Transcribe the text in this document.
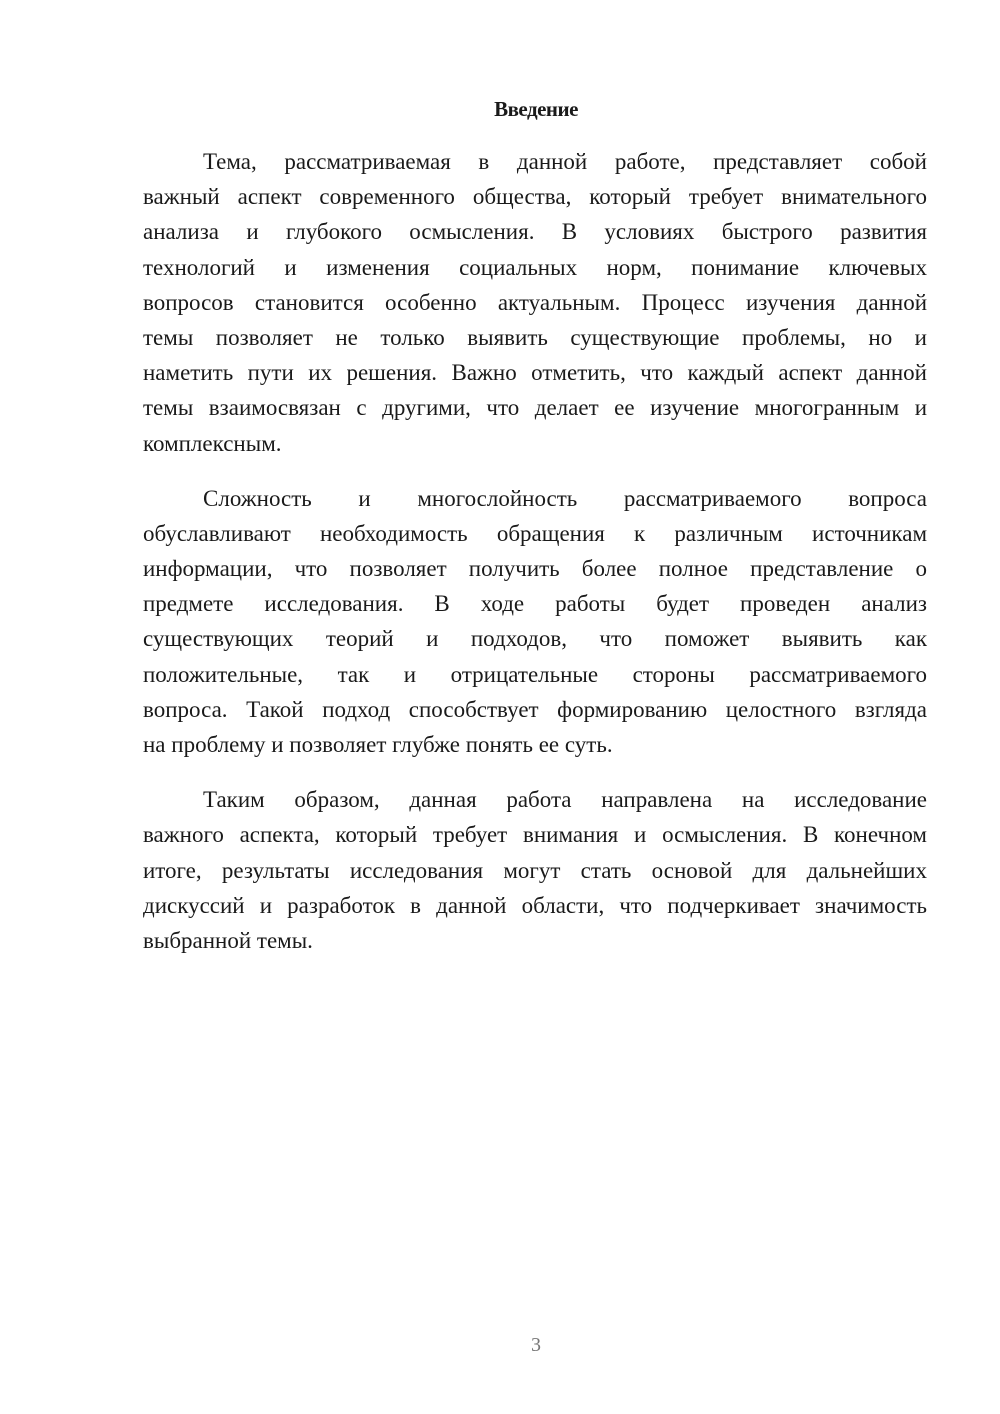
Введение
Тема, рассматриваемая в данной работе, представляет собой
важный аспект современного общества, который требует внимательного
анализа и глубокого осмысления. В условиях быстрого развития
технологий и изменения социальных норм, понимание ключевых
вопросов становится особенно актуальным. Процесс изучения данной
темы позволяет не только выявить существующие проблемы, но и
наметить пути их решения. Важно отметить, что каждый аспект данной
темы взаимосвязан с другими, что делает ее изучение многогранным и
комплексным.
Сложность и многослойность рассматриваемого вопроса
обуславливают необходимость обращения к различным источникам
информации, что позволяет получить более полное представление о
предмете исследования. В ходе работы будет проведен анализ
существующих теорий и подходов, что поможет выявить как
положительные, так и отрицательные стороны рассматриваемого
вопроса. Такой подход способствует формированию целостного взгляда
на проблему и позволяет глубже понять ее суть.
Таким образом, данная работа направлена на исследование
важного аспекта, который требует внимания и осмысления. В конечном
итоге, результаты исследования могут стать основой для дальнейших
дискуссий и разработок в данной области, что подчеркивает значимость
выбранной темы.
3
